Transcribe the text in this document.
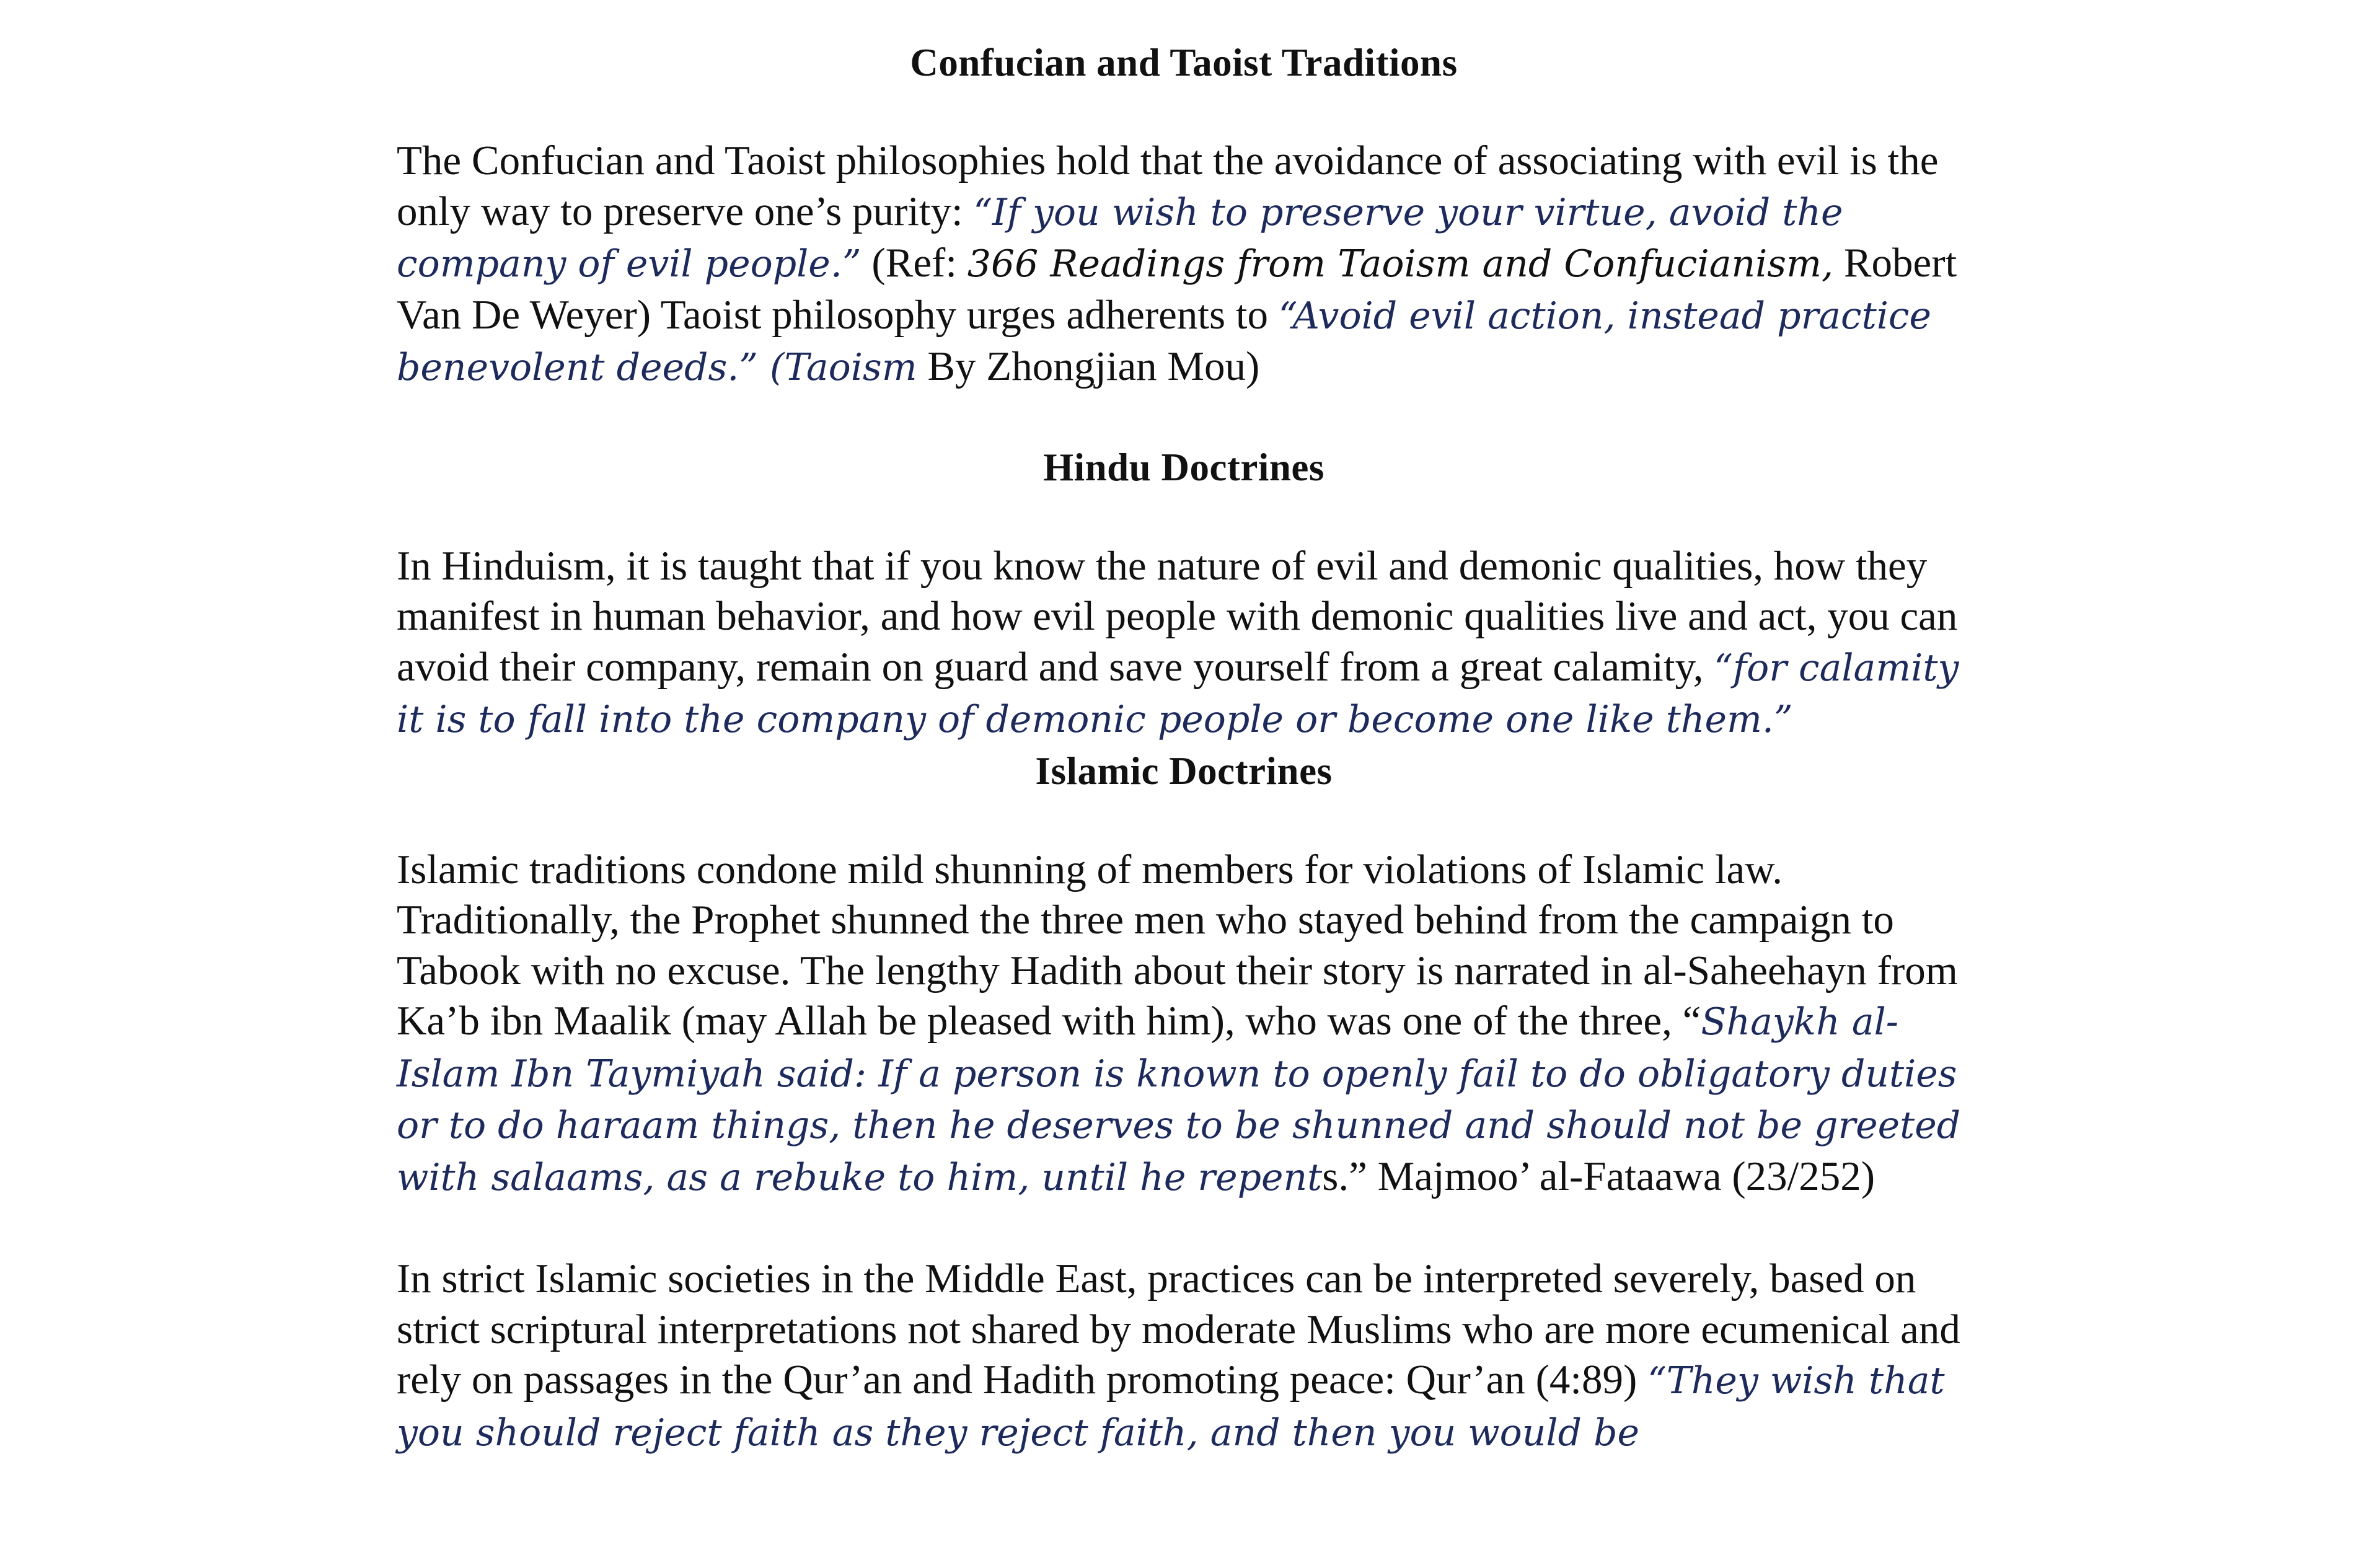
Confucian and Taoist Traditions

The Confucian and Taoist philosophies hold that the avoidance of associating with evil is the only way to preserve one’s purity: “If you wish to preserve your virtue, avoid the company of evil people.” (Ref: 366 Readings from Taoism and Confucianism, Robert Van De Weyer) Taoist philosophy urges adherents to “Avoid evil action, instead practice benevolent deeds.” (Taoism By Zhongjian Mou)

Hindu Doctrines

In Hinduism, it is taught that if you know the nature of evil and demonic qualities, how they manifest in human behavior, and how evil people with demonic qualities live and act, you can avoid their company, remain on guard and save yourself from a great calamity, “for calamity it is to fall into the company of demonic people or become one like them.”

Islamic Doctrines

Islamic traditions condone mild shunning of members for violations of Islamic law. Traditionally, the Prophet shunned the three men who stayed behind from the campaign to Tabook with no excuse. The lengthy Hadith about their story is narrated in al-Saheehayn from Ka’b ibn Maalik (may Allah be pleased with him), who was one of the three, “Shaykh al-Islam Ibn Taymiyah said: If a person is known to openly fail to do obligatory duties or to do haraam things, then he deserves to be shunned and should not be greeted with salaams, as a rebuke to him, until he repents.” Majmoo’ al-Fataawa (23/252)

In strict Islamic societies in the Middle East, practices can be interpreted severely, based on strict scriptural interpretations not shared by moderate Muslims who are more ecumenical and rely on passages in the Qur’an and Hadith promoting peace: Qur’an (4:89) “They wish that you should reject faith as they reject faith, and then you would be
